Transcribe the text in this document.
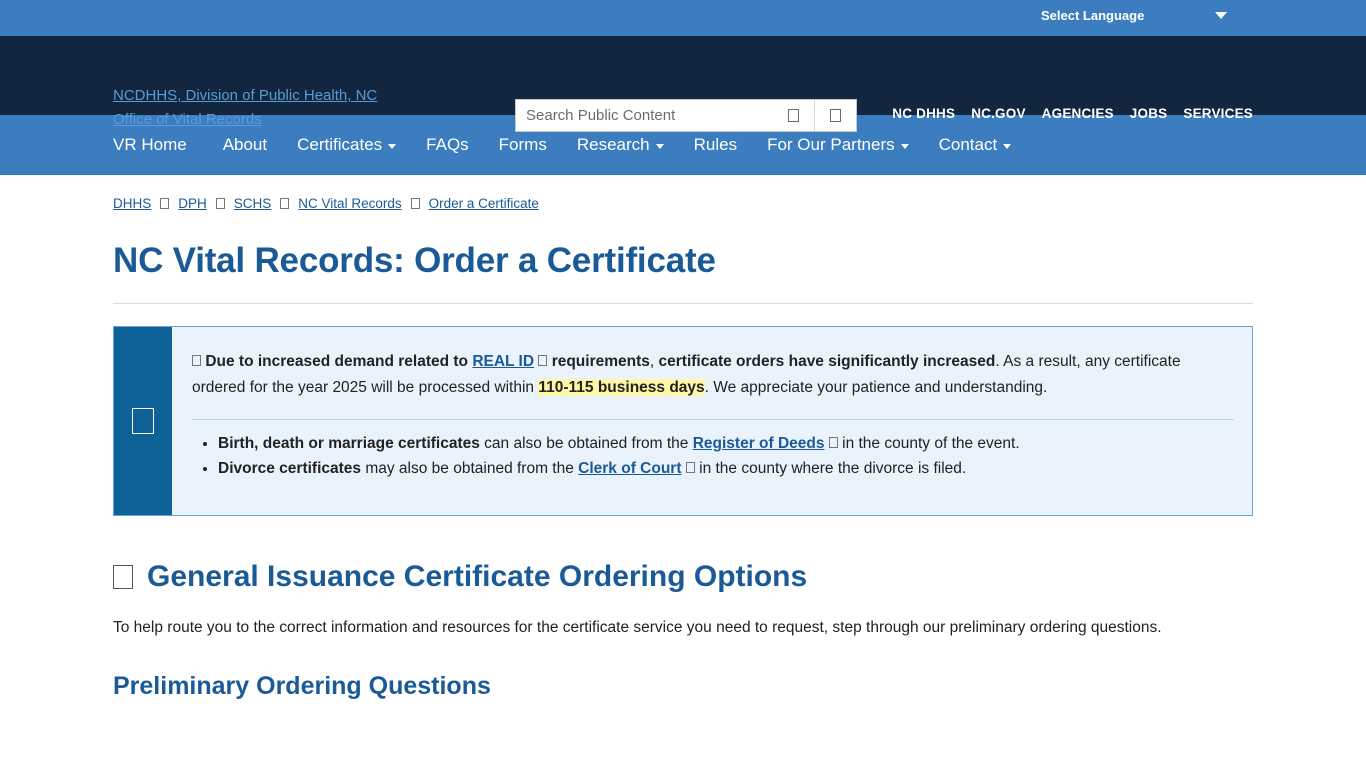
Select Language
NCDHHS, Division of Public Health, NC Office of Vital Records
Search Public Content	NC DHHS NC.GOV AGENCIES JOBS SERVICES
VR Home About Certificates	FAQs Forms Research	Rules For Our Partners	Contact
DHHS DPH SCHS NC Vital Records Order a Certificate
NC Vital Records: Order a Certificate

Due to increased demand related to REAL ID requirements, certificate orders have significantly increased. As a result, any certificate ordered for the year 2025 will be processed within 110-115 business days. We appreciate your patience and understanding.

• Birth, death or marriage certificates can also be obtained from the Register of Deeds  in the county of the event.
• Divorce certificates may also be obtained from the Clerk of Court  in the county where the divorce is filed.
General Issuance Certificate Ordering Options

To help route you to the correct information and resources for the certificate service you need to request, step through our preliminary ordering questions.

Preliminary Ordering Questions
